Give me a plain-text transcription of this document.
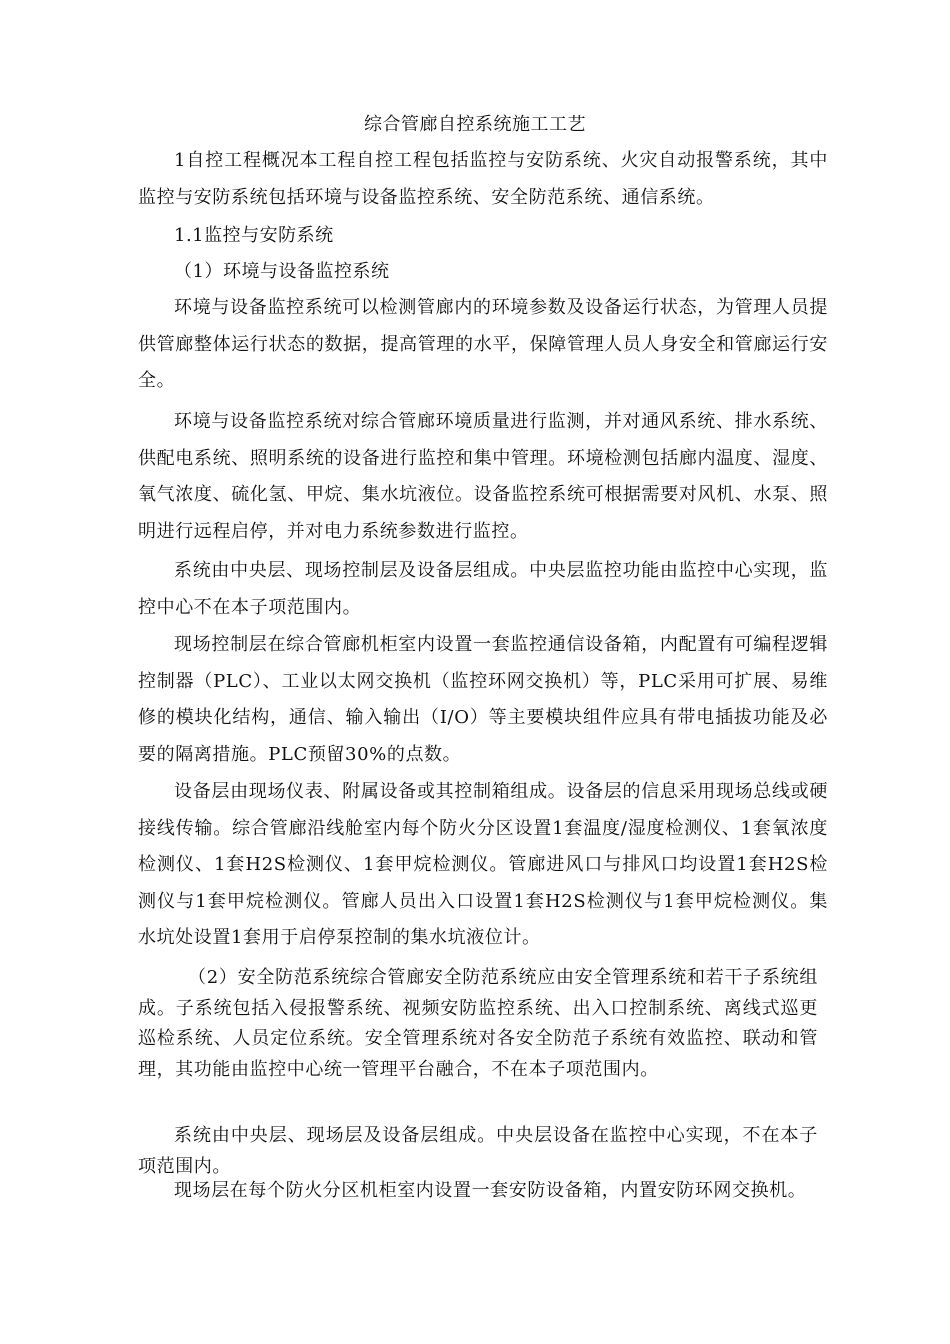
综合管廊自控系统施工工艺

1自控工程概况本工程自控工程包括监控与安防系统、火灾自动报警系统，其中监控与安防系统包括环境与设备监控系统、安全防范系统、通信系统。

1.1监控与安防系统
（1）环境与设备监控系统

环境与设备监控系统可以检测管廊内的环境参数及设备运行状态，为管理人员提供管廊整体运行状态的数据，提高管理的水平，保障管理人员人身安全和管廊运行安全。

环境与设备监控系统对综合管廊环境质量进行监测，并对通风系统、排水系统、供配电系统、照明系统的设备进行监控和集中管理。环境检测包括廊内温度、湿度、氧气浓度、硫化氢、甲烷、集水坑液位。设备监控系统可根据需要对风机、水泵、照明进行远程启停，并对电力系统参数进行监控。

系统由中央层、现场控制层及设备层组成。中央层监控功能由监控中心实现，监控中心不在本子项范围内。

现场控制层在综合管廊机柜室内设置一套监控通信设备箱，内配置有可编程逻辑控制器（PLC）、工业以太网交换机（监控环网交换机）等，PLC采用可扩展、易维修的模块化结构，通信、输入输出（I/O）等主要模块组件应具有带电插拔功能及必要的隔离措施。PLC预留30%的点数。

设备层由现场仪表、附属设备或其控制箱组成。设备层的信息采用现场总线或硬接线传输。综合管廊沿线舱室内每个防火分区设置1套温度/湿度检测仪、1套氧浓度检测仪、1套H2S检测仪、1套甲烷检测仪。管廊进风口与排风口均设置1套H2S检测仪与1套甲烷检测仪。管廊人员出入口设置1套H2S检测仪与1套甲烷检测仪。集水坑处设置1套用于启停泵控制的集水坑液位计。

（2）安全防范系统综合管廊安全防范系统应由安全管理系统和若干子系统组成。子系统包括入侵报警系统、视频安防监控系统、出入口控制系统、离线式巡更巡检系统、人员定位系统。安全管理系统对各安全防范子系统有效监控、联动和管理，其功能由监控中心统一管理平台融合，不在本子项范围内。

系统由中央层、现场层及设备层组成。中央层设备在监控中心实现，不在本子项范围内。

现场层在每个防火分区机柜室内设置一套安防设备箱，内置安防环网交换机。
